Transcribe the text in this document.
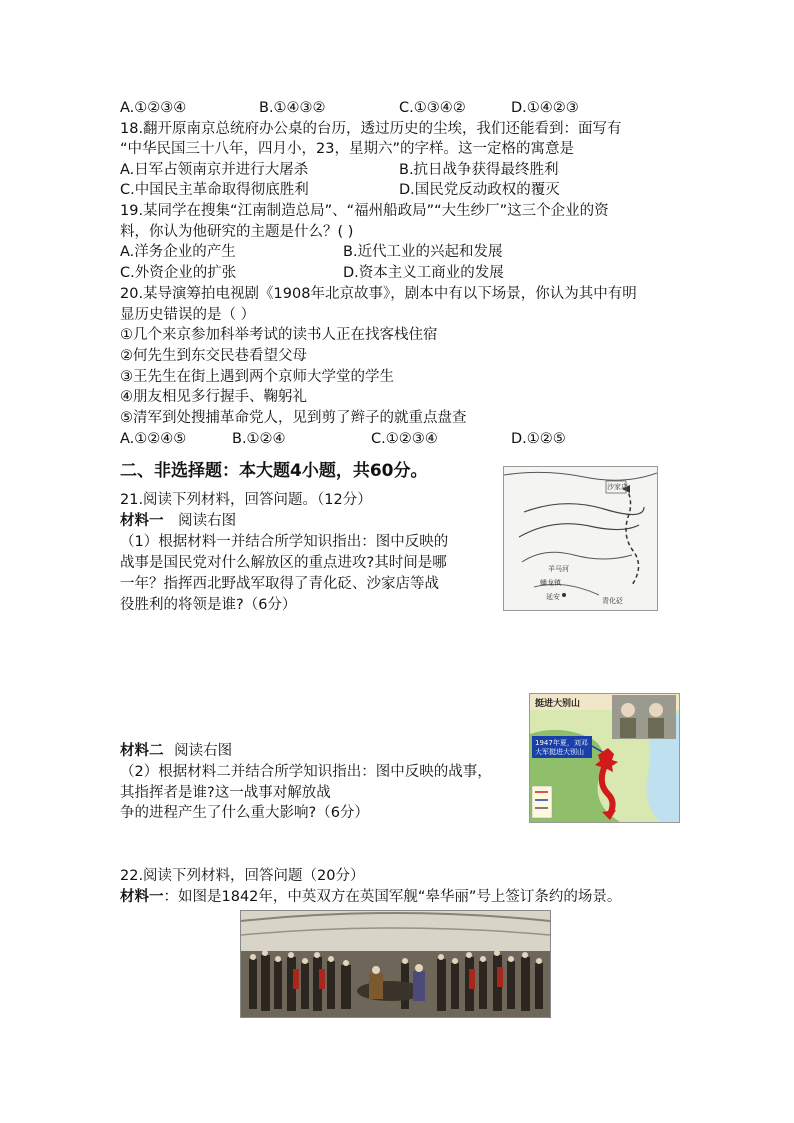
A.①②③④	B.①④③②	C.①③④②	D.①④②③
18.翻开原南京总统府办公桌的台历，透过历史的尘埃，我们还能看到：面写有
“中华民国三十八年，四月小，23，星期六”的字样。这一定格的寓意是
A.日军占领南京并进行大屠杀	B.抗日战争获得最终胜利
C.中国民主革命取得彻底胜利	D.国民党反动政权的覆灭
19.某同学在搜集“江南制造总局”、“福州船政局”“大生纱厂”这三个企业的资
料，你认为他研究的主题是什么？( )
A.洋务企业的产生	B.近代工业的兴起和发展
C.外资企业的扩张	D.资本主义工商业的发展
20.某导演筹拍电视剧《1908年北京故事》，剧本中有以下场景，你认为其中有明
显历史错误的是（ ）
①几个来京参加科举考试的读书人正在找客栈住宿
②何先生到东交民巷看望父母
③王先生在街上遇到两个京师大学堂的学生
④朋友相见多行握手、鞠躬礼
⑤清军到处搜捕革命党人，见到剪了辫子的就重点盘查
A.①②④⑤	B.①②④	C.①②③④	D.①②⑤
二、非选择题：本大题4小题，共60分。
21.阅读下列材料，回答问题。（12分）
材料一 阅读右图
（1）根据材料一并结合所学知识指出：图中反映的
战事是国民党对什么解放区的重点进攻?其时间是哪
一年？指挥西北野战军取得了青化砭、沙家店等战
役胜利的将领是谁?（6分）
沙家店
羊马河
蟠龙镇
延安	青化砭
材料二 阅读右图
（2）根据材料二并结合所学知识指出：图中反映的战事，
其指挥者是谁?这一战事对解放战
争的进程产生了什么重大影响?（6分）
挺进大别山
1947年夏，刘邓
大军挺进大别山
22.阅读下列材料，回答问题（20分）
材料一：如图是1842年，中英双方在英国军舰“皋华丽”号上签订条约的场景。
